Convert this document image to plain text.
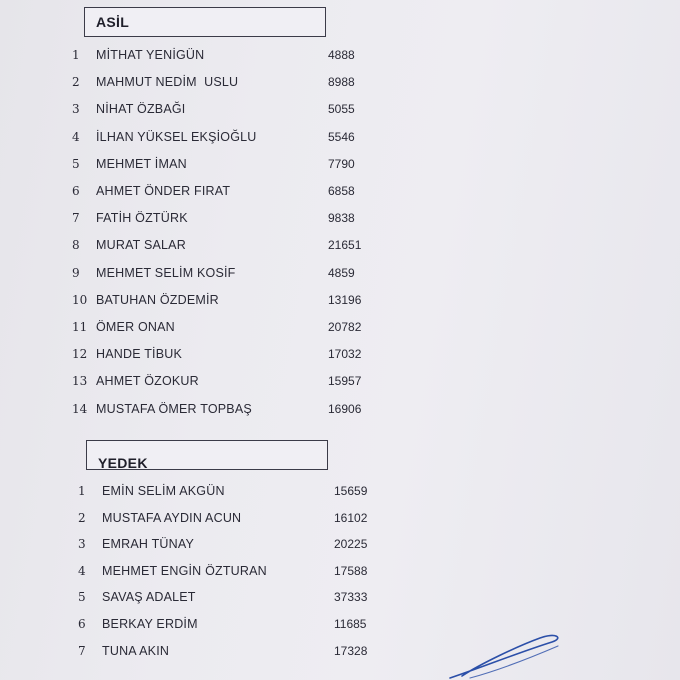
ASİL
1	MİTHAT YENİGÜN	4888
2	MAHMUT NEDİM  USLU	8988
3	NİHAT ÖZBAĞI	5055
4	İLHAN YÜKSEL EKŞİOĞLU	5546
5	MEHMET İMAN	7790
6	AHMET ÖNDER FIRAT	6858
7	FATİH ÖZTÜRK	9838
8	MURAT SALAR	21651
9	MEHMET SELİM KOSİF	4859
10 BATUHAN ÖZDEMİR	13196
11 ÖMER ONAN	20782
12 HANDE TİBUK	17032
13 AHMET ÖZOKUR	15957
14 MUSTAFA ÖMER TOPBAŞ	16906
YEDEK
1	EMİN SELİM AKGÜN	15659
2	MUSTAFA AYDIN ACUN	16102
3	EMRAH TÜNAY	20225
4	MEHMET ENGİN ÖZTURAN	17588
5	SAVAŞ ADALET	37333
6	BERKAY ERDİM	11685
7	TUNA AKIN	17328
